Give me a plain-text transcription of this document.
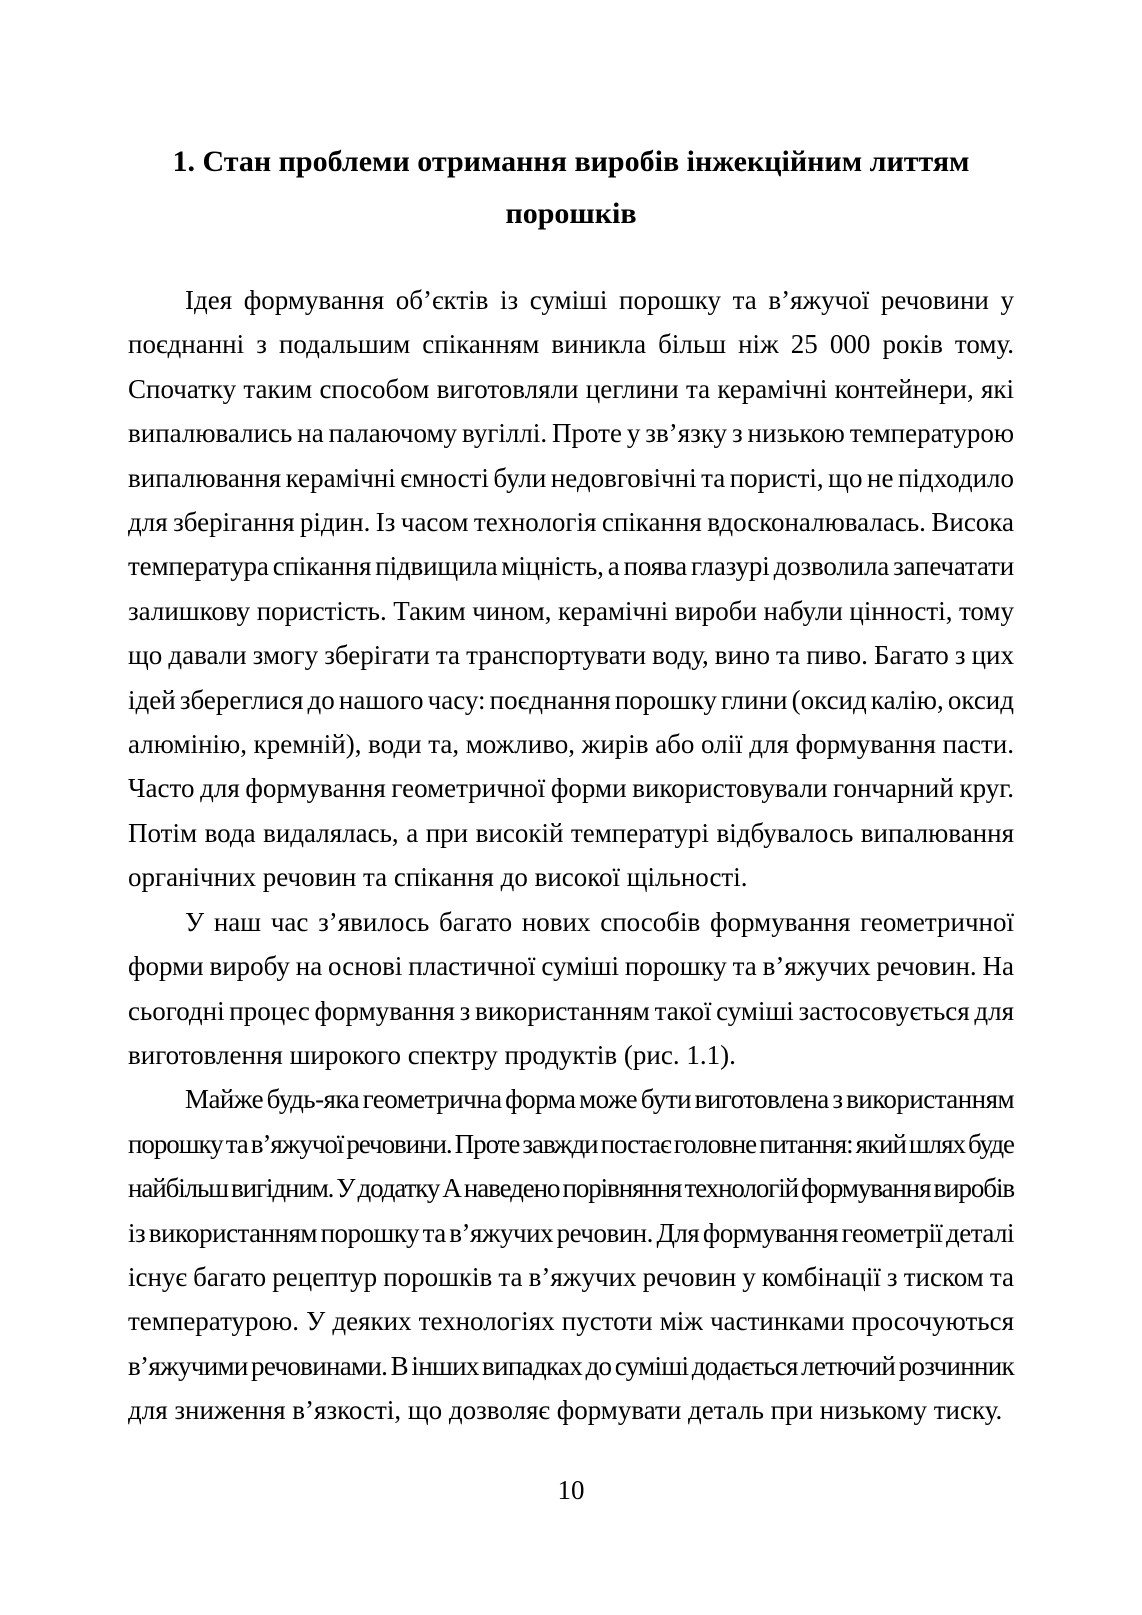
1. Стан проблеми отримання виробів інжекційним литтям
порошків
Ідея формування об’єктів із суміші порошку та в’яжучої речовини у
поєднанні з подальшим спіканням виникла більш ніж 25 000 років тому.
Спочатку таким способом виготовляли цеглини та керамічні контейнери, які
випалювались на палаючому вугіллі. Проте у зв’язку з низькою температурою
випалювання керамічні ємності були недовговічні та пористі, що не підходило
для зберігання рідин. Із часом технологія спікання вдосконалювалась. Висока
температура спікання підвищила міцність, а поява глазурі дозволила запечатати
залишкову пористість. Таким чином, керамічні вироби набули цінності, тому
що давали змогу зберігати та транспортувати воду, вино та пиво. Багато з цих
ідей збереглися до нашого часу: поєднання порошку глини (оксид калію, оксид
алюмінію, кремній), води та, можливо, жирів або олії для формування пасти.
Часто для формування геометричної форми використовували гончарний круг.
Потім вода видалялась, а при високій температурі відбувалось випалювання
органічних речовин та спікання до високої щільності.
У наш час з’явилось багато нових способів формування геометричної
форми виробу на основі пластичної суміші порошку та в’яжучих речовин. На
сьогодні процес формування з використанням такої суміші застосовується для
виготовлення широкого спектру продуктів (рис. 1.1).
Майже будь-яка геометрична форма може бути виготовлена з використанням
порошку та в’яжучої речовини. Проте завжди постає головне питання: який шлях буде
найбільш вигідним. У додатку А наведено порівняння технологій формування виробів
із використанням порошку та в’яжучих речовин. Для формування геометрії деталі
існує багато рецептур порошків та в’яжучих речовин у комбінації з тиском та
температурою. У деяких технологіях пустоти між частинками просочуються
в’яжучими речовинами. В інших випадках до суміші додається летючий розчинник
для зниження в’язкості, що дозволяє формувати деталь при низькому тиску.
10
